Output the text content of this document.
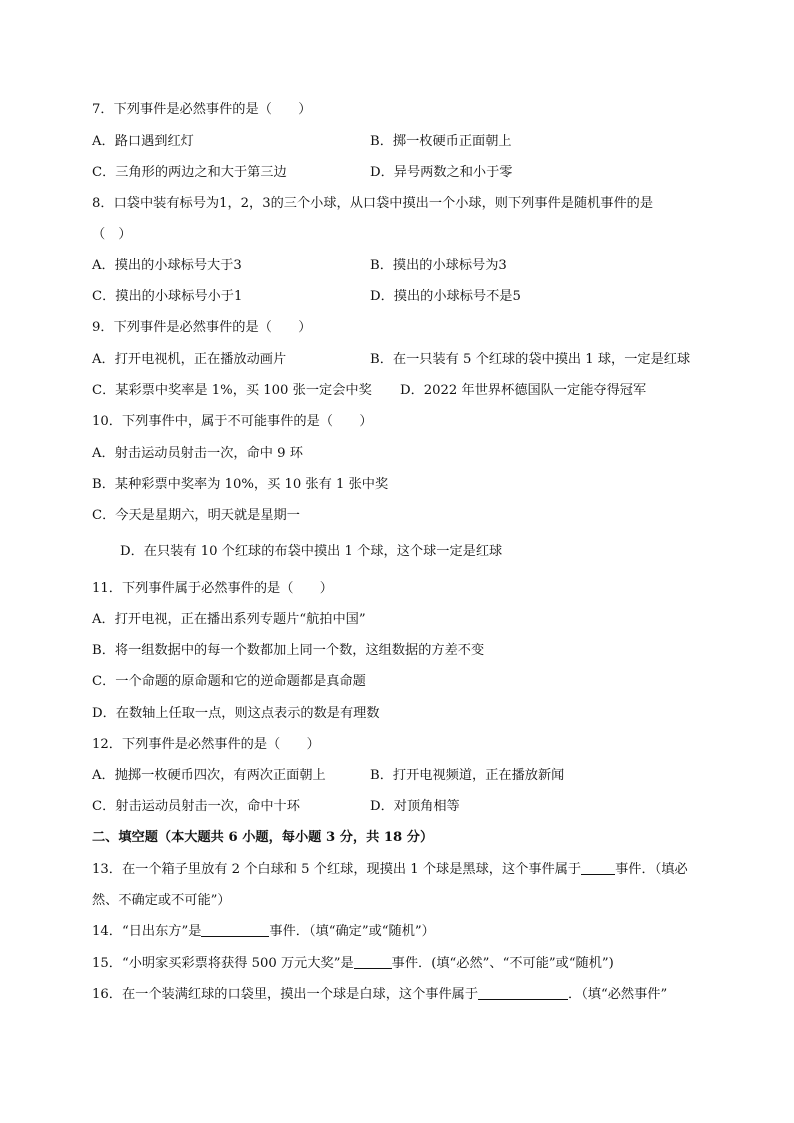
7．下列事件是必然事件的是（　　）
A．路口遇到红灯	B．掷一枚硬币正面朝上
C．三角形的两边之和大于第三边	D．异号两数之和小于零
8．口袋中装有标号为1，2，3的三个小球，从口袋中摸出一个小球，则下列事件是随机事件的是
（　）
A．摸出的小球标号大于3	B．摸出的小球标号为3
C．摸出的小球标号小于1	D．摸出的小球标号不是5
9．下列事件是必然事件的是（　　）
A．打开电视机，正在播放动画片	B．在一只装有 5 个红球的袋中摸出 1 球，一定是红球
C．某彩票中奖率是 1%，买 100 张一定会中奖 D．2022 年世界杯德国队一定能夺得冠军
10．下列事件中，属于不可能事件的是（　　）
A．射击运动员射击一次，命中 9 环
B．某种彩票中奖率为 10%，买 10 张有 1 张中奖
C．今天是星期六，明天就是星期一
D．在只装有 10 个红球的布袋中摸出 1 个球，这个球一定是红球
11．下列事件属于必然事件的是（　　）
A．打开电视，正在播出系列专题片“航拍中国”
B．将一组数据中的每一个数都加上同一个数，这组数据的方差不变
C．一个命题的原命题和它的逆命题都是真命题
D．在数轴上任取一点，则这点表示的数是有理数
12．下列事件是必然事件的是（　　）
A．抛掷一枚硬币四次，有两次正面朝上	B．打开电视频道，正在播放新闻
C．射击运动员射击一次，命中十环	D．对顶角相等
二、填空题（本大题共 6 小题，每小题 3 分，共 18 分）
13．在一个箱子里放有 2 个白球和 5 个红球，现摸出 1 个球是黑球，这个事件属于	事件．（填必
然、不确定或不可能”）
14．“日出东方”是	事件．（填“确定”或“随机”）
15．“小明家买彩票将获得 500 万元大奖”是	事件．(填“必然”、“不可能”或“随机”)
16．在一个装满红球的口袋里，摸出一个球是白球，这个事件属于	．（填“必然事件”
